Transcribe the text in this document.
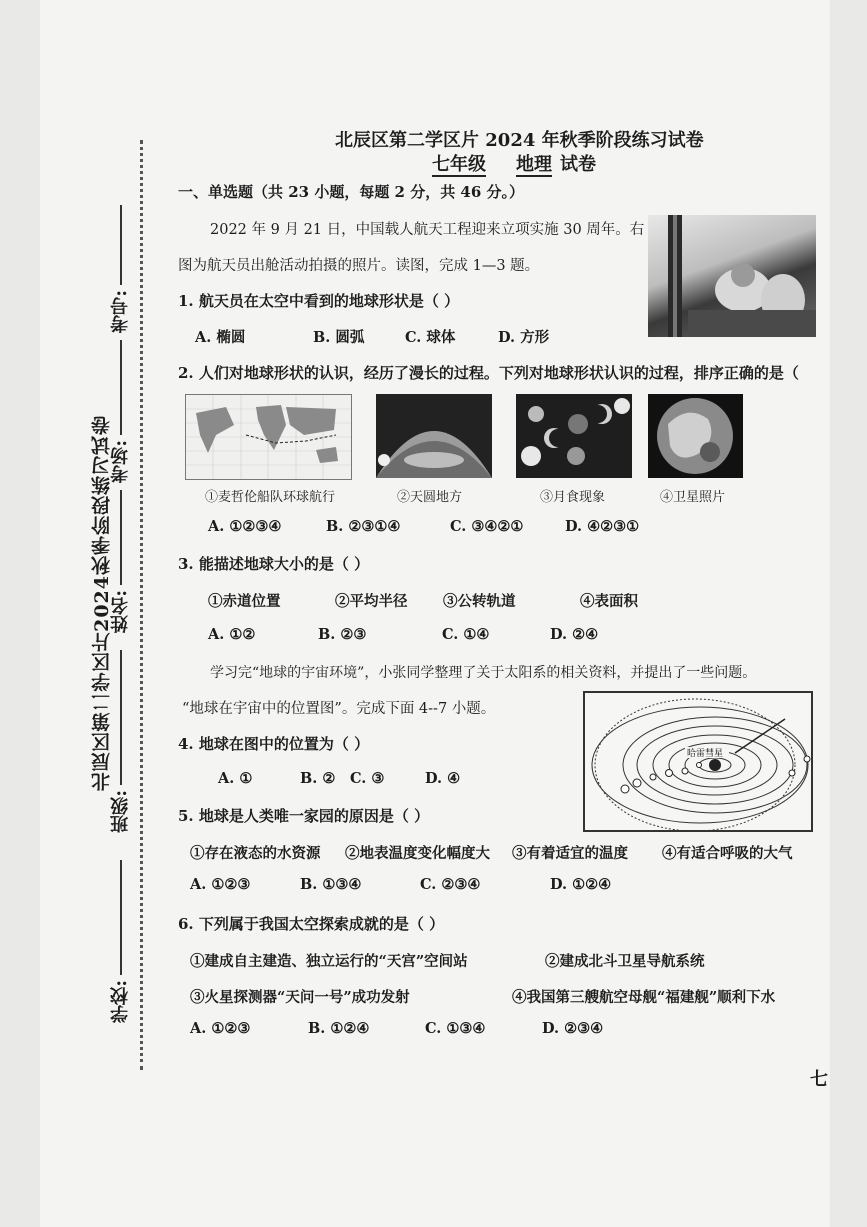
北辰区第二学区片2024秋季阶段练习试卷
考号:
考场:
姓名:
班级:
学校:
北辰区第二学区片 2024 年秋季阶段练习试卷
七年级 地理 试卷
一、单选题（共 23 小题，每题 2 分，共 46 分。）
2022 年 9 月 21 日，中国载人航天工程迎来立项实施 30 周年。右
图为航天员出舱活动拍摄的照片。读图，完成 1—3 题。
1. 航天员在太空中看到的地球形状是（ ）
A. 椭圆	B. 圆弧	C. 球体	D. 方形
2. 人们对地球形状的认识，经历了漫长的过程。下列对地球形状认识的过程，排序正确的是（
①麦哲伦船队环球航行	②天圆地方	③月食现象	④卫星照片
A. ①②③④	B. ②③①④	C. ③④②①	D. ④②③①
3. 能描述地球大小的是（ ）
①赤道位置	②平均半径 ③公转轨道	④表面积
A. ①②	B. ②③	C. ①④	D. ②④
学习完“地球的宇宙环境”，小张同学整理了关于太阳系的相关资料，并提出了一些问题。
“地球在宇宙中的位置图”。完成下面 4--7 小题。
哈雷彗星
4. 地球在图中的位置为（ ）
A. ①	B. ② C. ③	D. ④
5. 地球是人类唯一家园的原因是（ ）
①存在液态的水资源 ②地表温度变化幅度大 ③有着适宜的温度 ④有适合呼吸的大气
A. ①②③	B. ①③④	C. ②③④	D. ①②④
6. 下列属于我国太空探索成就的是（ ）
①建成自主建造、独立运行的“天宫”空间站	②建成北斗卫星导航系统
③火星探测器“天问一号”成功发射	④我国第三艘航空母舰“福建舰”顺利下水
A. ①②③	B. ①②④	C. ①③④	D. ②③④
七
